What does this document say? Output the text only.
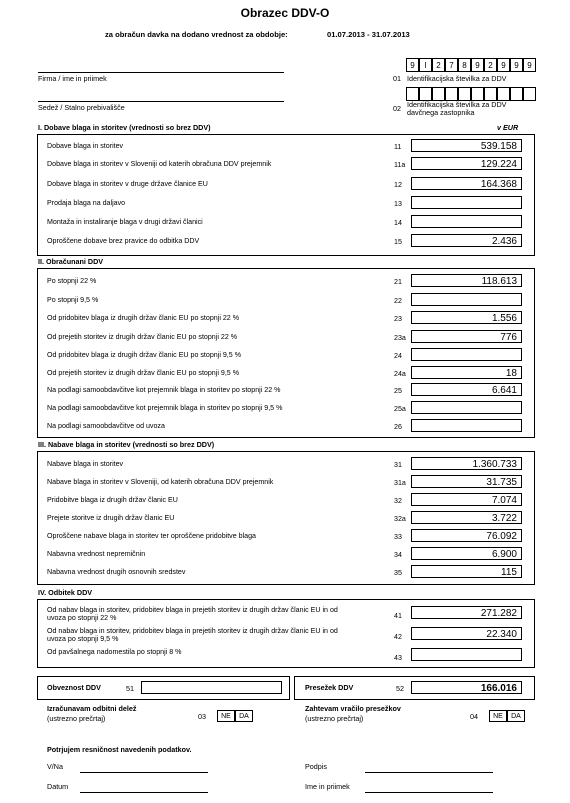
Obrazec DDV-O
za obračun davka na dodano vrednost za obdobje:	01.07.2013 - 31.07.2013
9	I	2	7	8	9	2	9	9	9
Firma / ime in priimek	01 Identifikacijska številka za DDV
Sedež / Stalno prebivališče	02 Identifikacijska številka za DDV
davčnega zastopnika
I. Dobave blaga in storitev (vrednosti so brez DDV)	v EUR
Dobave blaga in storitev	11	539.158
Dobave blaga in storitev v Sloveniji od katerih obračuna DDV prejemnik	11a	129.224
Dobave blaga in storitev v druge države članice EU	12	164.368
Prodaja blaga na daljavo	13
Montaža in instaliranje blaga v drugi državi članici	14
Oproščene dobave brez pravice do odbitka DDV	15	2.436
II. Obračunani DDV
Po stopnji 22 %	21	118.613
Po stopnji 9,5 %	22
Od pridobitev blaga iz drugih držav članic EU po stopnji 22 %	23	1.556
Od prejetih storitev iz drugih držav članic EU po stopnji 22 %	23a	776
Od pridobitev blaga iz drugih držav članic EU po stopnji 9,5 %	24
Od prejetih storitev iz drugih držav članic EU po stopnji 9,5 %	24a	18
Na podlagi samoobdavčitve kot prejemnik blaga in storitev po stopnji 22 %	25	6.641
Na podlagi samoobdavčitve kot prejemnik blaga in storitev po stopnji 9,5 %	25a
Na podlagi samoobdavčitve od uvoza	26
III. Nabave blaga in storitev (vrednosti so brez DDV)
Nabave blaga in storitev	31	1.360.733
Nabave blaga in storitev v Sloveniji, od katerih obračuna DDV prejemnik	31a	31.735
Pridobitve blaga iz drugih držav članic EU	32	7.074
Prejete storitve iz drugih držav članic EU	32a	3.722
Oproščene nabave blaga in storitev ter oproščene pridobitve blaga	33	76.092
Nabavna vrednost nepremičnin	34	6.900
Nabavna vrednost drugih osnovnih sredstev	35	115
IV. Odbitek DDV
Od nabav blaga in storitev, pridobitev blaga in prejetih storitev iz drugih držav članic EU in od
uvoza po stopnji 22 %	41	271.282
Od nabav blaga in storitev, pridobitev blaga in prejetih storitev iz drugih držav članic EU in od
uvoza po stopnji 9,5 %	42	22.340
Od pavšalnega nadomestila po stopnji 8 %
43
Obveznost DDV	51	Presežek DDV	52	166.016
Izračunavam odbitni delež
(ustrezno prečrtaj)	03	NE	DA
Zahtevam vračilo presežkov
(ustrezno prečrtaj)	04	NE	DA
Potrjujem resničnost navedenih podatkov.
V/Na	Podpis
Datum	Ime in priimek
